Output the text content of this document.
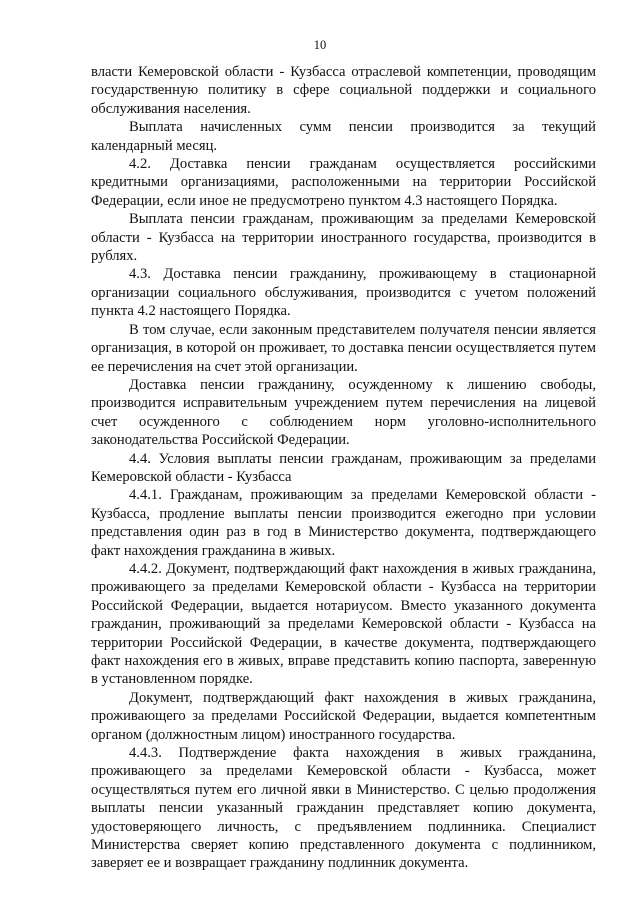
10

власти Кемеровской области - Кузбасса отраслевой компетенции, проводящим государственную политику в сфере социальной поддержки и социального обслуживания населения.

Выплата начисленных сумм пенсии производится за текущий календарный месяц.

4.2. Доставка пенсии гражданам осуществляется российскими кредитными организациями, расположенными на территории Российской Федерации, если иное не предусмотрено пунктом 4.3 настоящего Порядка.

Выплата пенсии гражданам, проживающим за пределами Кемеровской области - Кузбасса на территории иностранного государства, производится в рублях.

4.3. Доставка пенсии гражданину, проживающему в стационарной организации социального обслуживания, производится с учетом положений пункта 4.2 настоящего Порядка.

В том случае, если законным представителем получателя пенсии является организация, в которой он проживает, то доставка пенсии осуществляется путем ее перечисления на счет этой организации.

Доставка пенсии гражданину, осужденному к лишению свободы, производится исправительным учреждением путем перечисления на лицевой счет осужденного с соблюдением норм уголовно-исполнительного законодательства Российской Федерации.

4.4. Условия выплаты пенсии гражданам, проживающим за пределами Кемеровской области - Кузбасса

4.4.1. Гражданам, проживающим за пределами Кемеровской области - Кузбасса, продление выплаты пенсии производится ежегодно при условии представления один раз в год в Министерство документа, подтверждающего факт нахождения гражданина в живых.

4.4.2. Документ, подтверждающий факт нахождения в живых гражданина, проживающего за пределами Кемеровской области - Кузбасса на территории Российской Федерации, выдается нотариусом. Вместо указанного документа гражданин, проживающий за пределами Кемеровской области - Кузбасса на территории Российской Федерации, в качестве документа, подтверждающего факт нахождения его в живых, вправе представить копию паспорта, заверенную в установленном порядке.

Документ, подтверждающий факт нахождения в живых гражданина, проживающего за пределами Российской Федерации, выдается компетентным органом (должностным лицом) иностранного государства.

4.4.3. Подтверждение факта нахождения в живых гражданина, проживающего за пределами Кемеровской области - Кузбасса, может осуществляться путем его личной явки в Министерство. С целью продолжения выплаты пенсии указанный гражданин представляет копию документа, удостоверяющего личность, с предъявлением подлинника. Специалист Министерства сверяет копию представленного документа с подлинником, заверяет ее и возвращает гражданину подлинник документа.
